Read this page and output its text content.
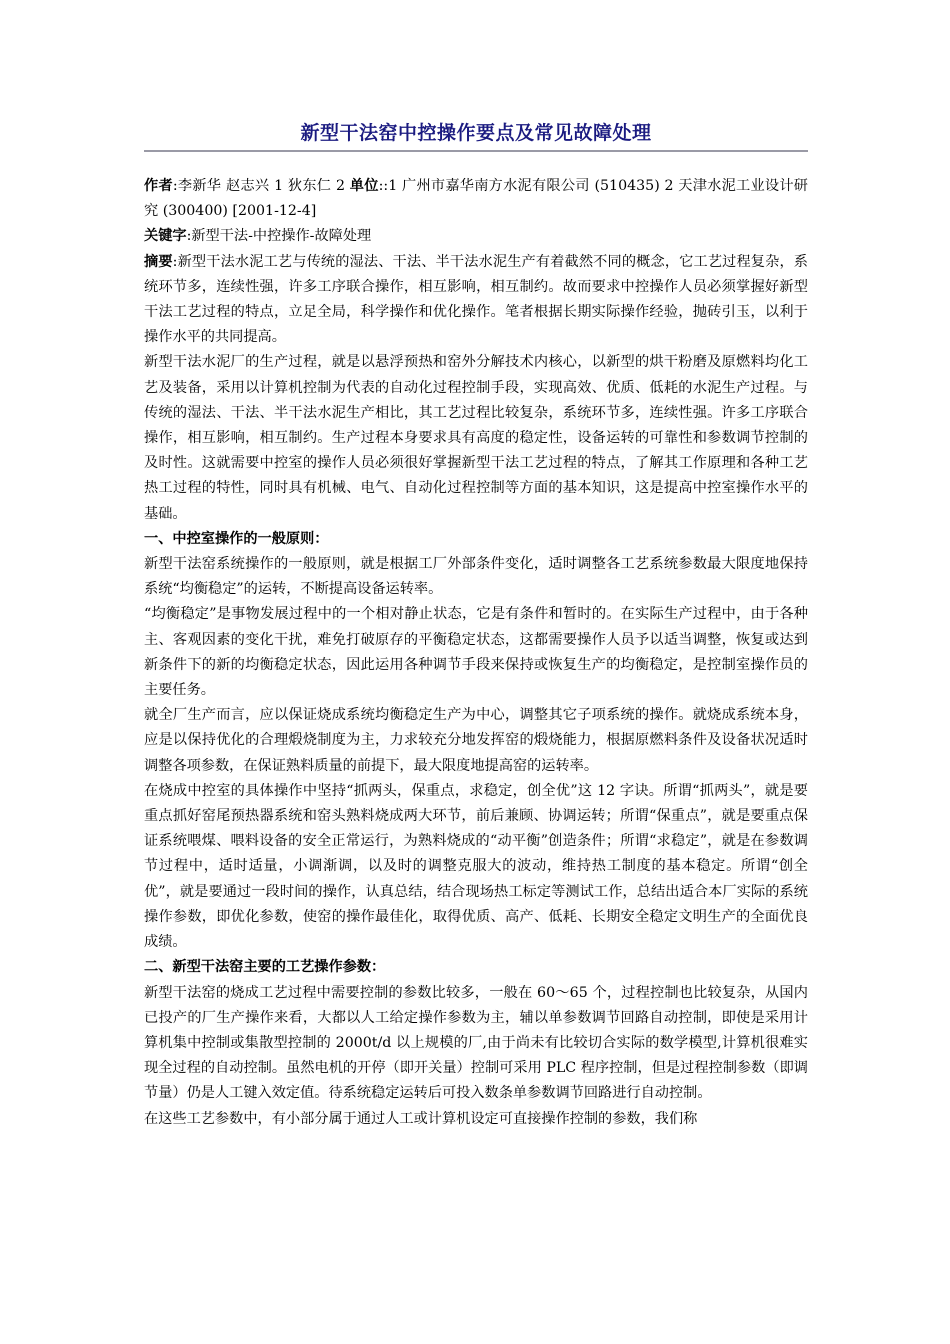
新型干法窑中控操作要点及常见故障处理

作者:李新华 赵志兴 1 狄东仁 2 单位::1 广州市嘉华南方水泥有限公司 (510435) 2 天津水泥工业设计研究 (300400) [2001-12-4]

关键字:新型干法-中控操作-故障处理

摘要:新型干法水泥工艺与传统的湿法、干法、半干法水泥生产有着截然不同的概念，它工艺过程复杂，系统环节多，连续性强，许多工序联合操作，相互影响，相互制约。故而要求中控操作人员必须掌握好新型干法工艺过程的特点，立足全局，科学操作和优化操作。笔者根据长期实际操作经验，抛砖引玉，以利于操作水平的共同提高。

新型干法水泥厂的生产过程，就是以悬浮预热和窑外分解技术内核心，以新型的烘干粉磨及原燃料均化工艺及装备，采用以计算机控制为代表的自动化过程控制手段，实现高效、优质、低耗的水泥生产过程。与传统的湿法、干法、半干法水泥生产相比，其工艺过程比较复杂，系统环节多，连续性强。许多工序联合操作，相互影响，相互制约。生产过程本身要求具有高度的稳定性，设备运转的可靠性和参数调节控制的及时性。这就需要中控室的操作人员必须很好掌握新型干法工艺过程的特点，了解其工作原理和各种工艺热工过程的特性，同时具有机械、电气、自动化过程控制等方面的基本知识，这是提高中控室操作水平的基础。

一、中控室操作的一般原则：

新型干法窑系统操作的一般原则，就是根据工厂外部条件变化，适时调整各工艺系统参数最大限度地保持系统“均衡稳定”的运转，不断提高设备运转率。

“均衡稳定”是事物发展过程中的一个相对静止状态，它是有条件和暂时的。在实际生产过程中，由于各种主、客观因素的变化干扰，难免打破原存的平衡稳定状态，这都需要操作人员予以适当调整，恢复或达到新条件下的新的均衡稳定状态，因此运用各种调节手段来保持或恢复生产的均衡稳定，是控制室操作员的主要任务。

就全厂生产而言，应以保证烧成系统均衡稳定生产为中心，调整其它子项系统的操作。就烧成系统本身，应是以保持优化的合理煅烧制度为主，力求较充分地发挥窑的煅烧能力，根据原燃料条件及设备状况适时调整各项参数，在保证熟料质量的前提下，最大限度地提高窑的运转率。

在烧成中控室的具体操作中坚持“抓两头，保重点，求稳定，创全优”这 12 字诀。所谓“抓两头”，就是要重点抓好窑尾预热器系统和窑头熟料烧成两大环节，前后兼顾、协调运转；所谓“保重点”，就是要重点保证系统喂煤、喂料设备的安全正常运行，为熟料烧成的“动平衡”创造条件；所谓“求稳定”，就是在参数调节过程中，适时适量，小调渐调，以及时的调整克服大的波动，维持热工制度的基本稳定。所谓“创全优”，就是要通过一段时间的操作，认真总结，结合现场热工标定等测试工作，总结出适合本厂实际的系统操作参数，即优化参数，使窑的操作最佳化，取得优质、高产、低耗、长期安全稳定文明生产的全面优良成绩。

二、新型干法窑主要的工艺操作参数：

新型干法窑的烧成工艺过程中需要控制的参数比较多，一般在 60～65 个，过程控制也比较复杂，从国内已投产的厂生产操作来看，大都以人工给定操作参数为主，辅以单参数调节回路自动控制，即使是采用计算机集中控制或集散型控制的 2000t/d 以上规模的厂,由于尚未有比较切合实际的数学模型,计算机很难实现全过程的自动控制。虽然电机的开停（即开关量）控制可采用 PLC 程序控制，但是过程控制参数（即调节量）仍是人工键入效定值。待系统稳定运转后可投入数条单参数调节回路进行自动控制。

在这些工艺参数中，有小部分属于通过人工或计算机设定可直接操作控制的参数，我们称
